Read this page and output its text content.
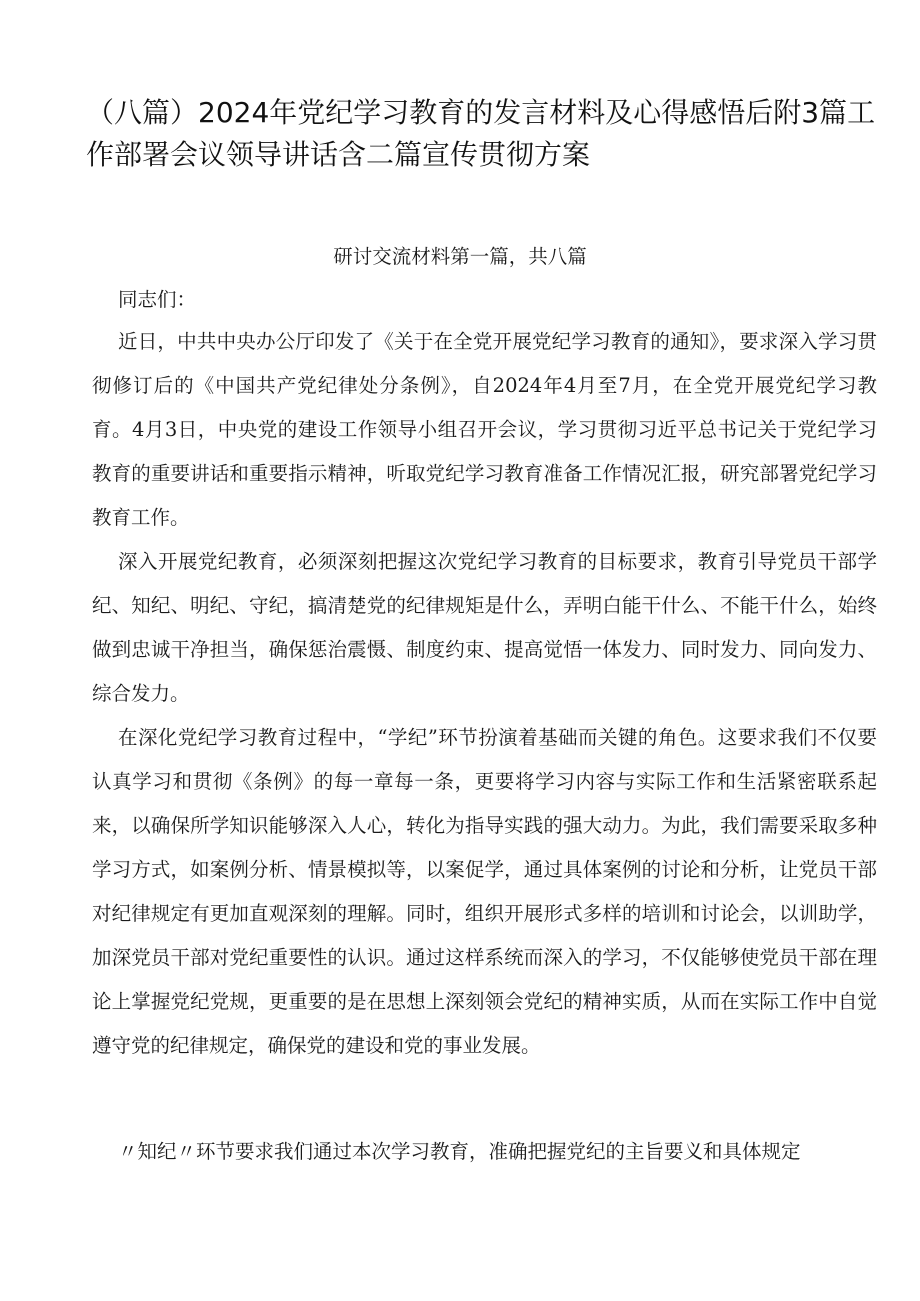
（八篇）2024年党纪学习教育的发言材料及心得感悟后附3篇工作部署会议领导讲话含二篇宣传贯彻方案

研讨交流材料第一篇，共八篇

同志们：

近日，中共中央办公厅印发了《关于在全党开展党纪学习教育的通知》，要求深入学习贯彻修订后的《中国共产党纪律处分条例》，自2024年4月至7月，在全党开展党纪学习教育。4月3日，中央党的建设工作领导小组召开会议，学习贯彻习近平总书记关于党纪学习教育的重要讲话和重要指示精神，听取党纪学习教育准备工作情况汇报，研究部署党纪学习教育工作。

深入开展党纪教育，必须深刻把握这次党纪学习教育的目标要求，教育引导党员干部学纪、知纪、明纪、守纪，搞清楚党的纪律规矩是什么，弄明白能干什么、不能干什么，始终做到忠诚干净担当，确保惩治震慑、制度约束、提高觉悟一体发力、同时发力、同向发力、综合发力。

在深化党纪学习教育过程中，“学纪”环节扮演着基础而关键的角色。这要求我们不仅要认真学习和贯彻《条例》的每一章每一条，更要将学习内容与实际工作和生活紧密联系起来，以确保所学知识能够深入人心，转化为指导实践的强大动力。为此，我们需要采取多种学习方式，如案例分析、情景模拟等，以案促学，通过具体案例的讨论和分析，让党员干部对纪律规定有更加直观深刻的理解。同时，组织开展形式多样的培训和讨论会，以训助学，加深党员干部对党纪重要性的认识。通过这样系统而深入的学习，不仅能够使党员干部在理论上掌握党纪党规，更重要的是在思想上深刻领会党纪的精神实质，从而在实际工作中自觉遵守党的纪律规定，确保党的建设和党的事业发展。

〃知纪〃环节要求我们通过本次学习教育，准确把握党纪的主旨要义和具体规定
